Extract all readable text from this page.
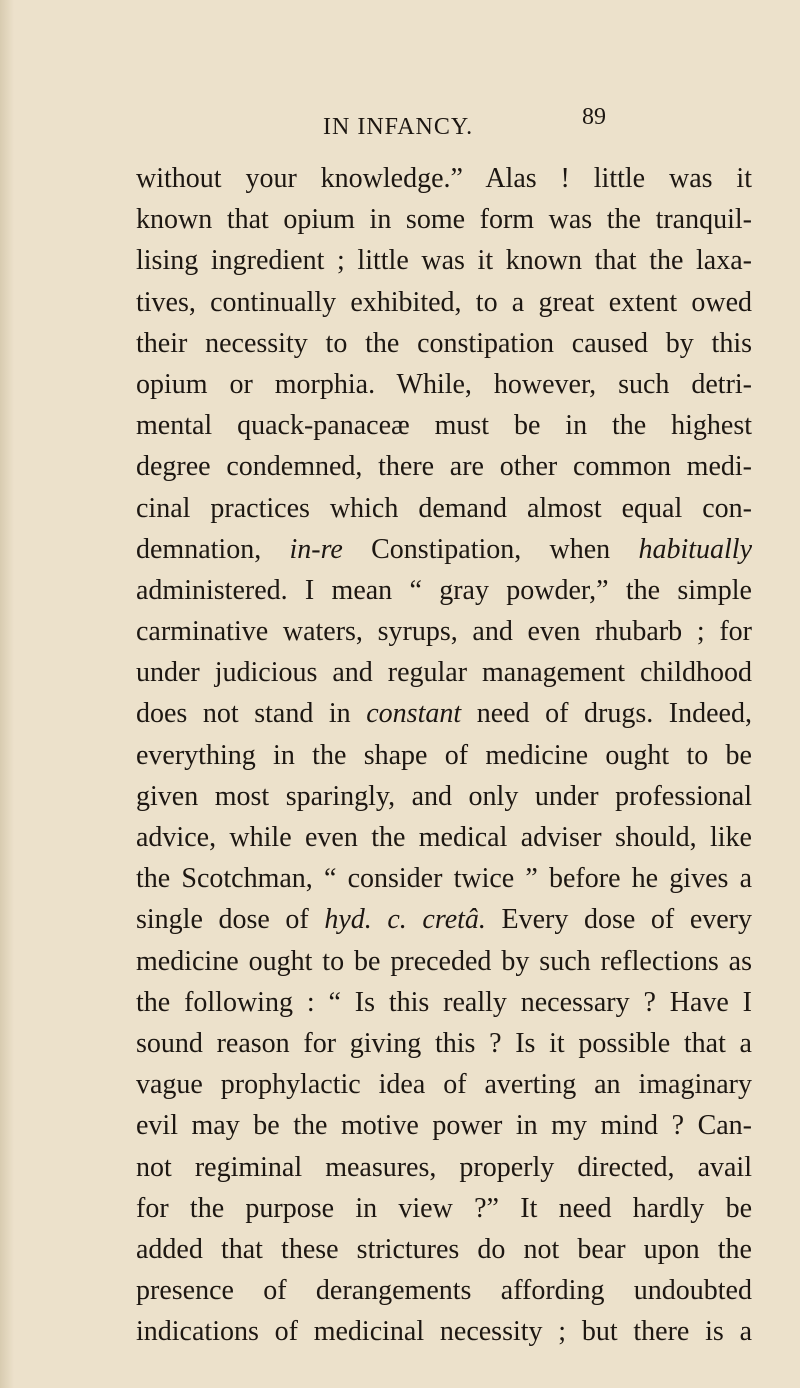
IN INFANCY.	89
without your knowledge.” Alas ! little was it
known that opium in some form was the tranquil-
lising ingredient ; little was it known that the laxa-
tives, continually exhibited, to a great extent owed
their necessity to the constipation caused by this
opium or morphia. While, however, such detri-
mental quack-panaceæ must be in the highest
degree condemned, there are other common medi-
cinal practices which demand almost equal con-
demnation, in-re Constipation, when habitually
administered. I mean “ gray powder,” the simple
carminative waters, syrups, and even rhubarb ; for
under judicious and regular management childhood
does not stand in constant need of drugs. Indeed,
everything in the shape of medicine ought to be
given most sparingly, and only under professional
advice, while even the medical adviser should, like
the Scotchman, “ consider twice ” before he gives a
single dose of hyd. c. cretâ. Every dose of every
medicine ought to be preceded by such reflections as
the following : “ Is this really necessary ? Have I
sound reason for giving this ? Is it possible that a
vague prophylactic idea of averting an imaginary
evil may be the motive power in my mind ? Can-
not regiminal measures, properly directed, avail
for the purpose in view ?” It need hardly be
added that these strictures do not bear upon the
presence of derangements affording undoubted
indications of medicinal necessity ; but there is a
